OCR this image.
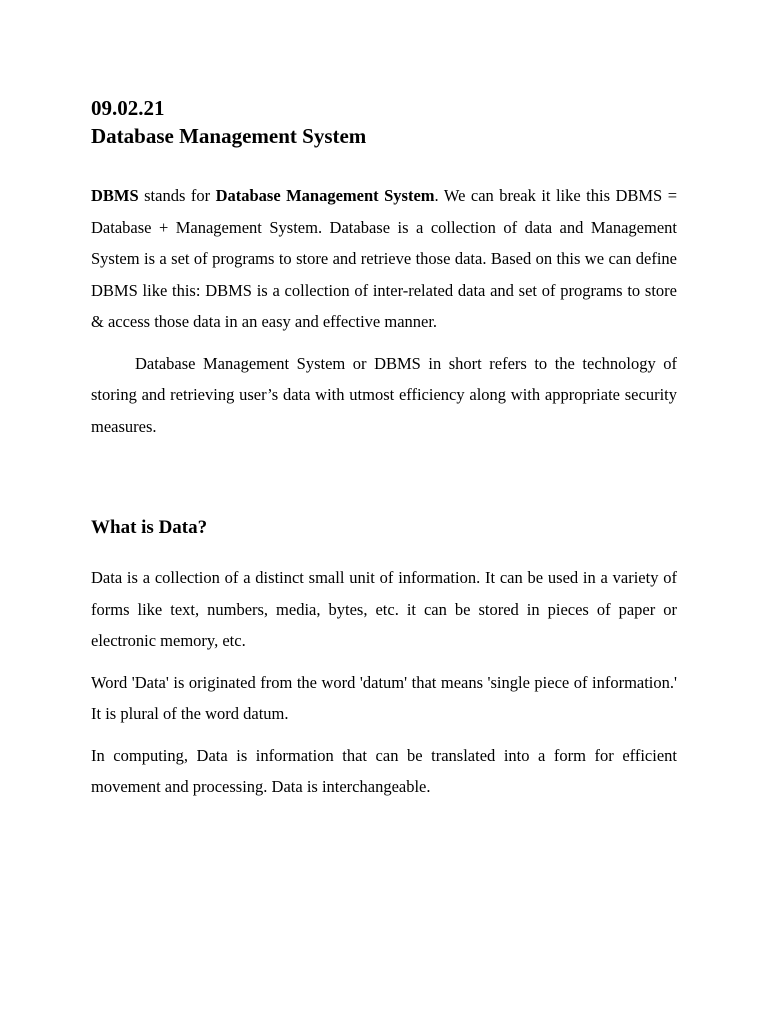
09.02.21
Database Management System

DBMS stands for Database Management System. We can break it like this DBMS = Database + Management System. Database is a collection of data and Management System is a set of programs to store and retrieve those data. Based on this we can define DBMS like this: DBMS is a collection of inter-related data and set of programs to store & access those data in an easy and effective manner.

Database Management System or DBMS in short refers to the technology of storing and retrieving user’s data with utmost efficiency along with appropriate security measures.

What is Data?

Data is a collection of a distinct small unit of information. It can be used in a variety of forms like text, numbers, media, bytes, etc. it can be stored in pieces of paper or electronic memory, etc.

Word 'Data' is originated from the word 'datum' that means 'single piece of information.' It is plural of the word datum.

In computing, Data is information that can be translated into a form for efficient movement and processing. Data is interchangeable.
